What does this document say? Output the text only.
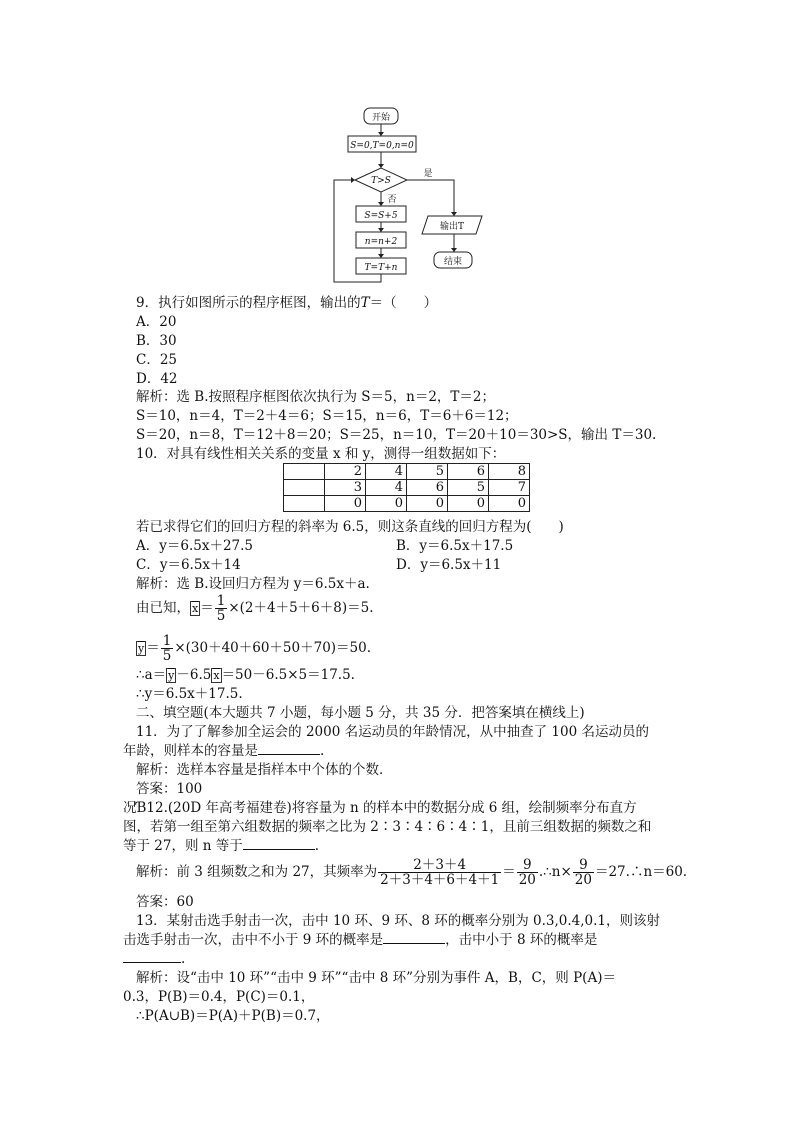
开始
S=0,T=0,n=0
T>S
是
否
S=S+5
n=n+2
T=T+n
输出T
结束
9．执行如图所示的程序框图，输出的𝑇＝（　　）
A．20
B．30
C．25
D．42
解析：选 B.按照程序框图依次执行为 S＝5，n＝2，T＝2；
S＝10，n＝4，T＝2＋4＝6；S＝15，n＝6，T＝6＋6＝12；
S＝20，n＝8，T＝12＋8＝20；S＝25，n＝10，T＝20＋10＝30>S，输出 T＝30.
10．对具有线性相关关系的变量 x 和 y，测得一组数据如下：
	2	4	5	6	8
	3	4	6	5	7
	0	0	0	0	0
若已求得它们的回归方程的斜率为 6.5，则这条直线的回归方程为(　　)
A．y＝6.5x＋27.5	B．y＝6.5x＋17.5
C．y＝6.5x＋14	D．y＝6.5x＋11
解析：选 B.设回归方程为 y＝6.5x＋a.
由已知， $\overline{x} = \frac{1}{5} \times(2+4+5+6+8)=5$.
$\overline{y} = \frac{1}{5} \times(30+40+60+50+70)=50$.
∴a＝ $\overline{y} -6.5$ $\overline{x} =50-6.5\times 5=17.5$.
∴y＝6.5x＋17.5.
二、填空题(本大题共 7 小题，每小题 5 分，共 35 分．把答案填在横线上)
11．为了了解参加全运会的 2000 名运动员的年龄情况，从中抽查了 100 名运动员的
年龄，则样本的容量是	.
解析：选样本容量是指样本中个体的个数．
答案：100
况Ɓ12.(20D 年高考福建卷)将容量为 n 的样本中的数据分成 6 组，绘制频率分布直方
图，若第一组至第六组数据的频率之比为 2∶3∶4∶6∶4∶1，且前三组数据的频数之和
等于 27，则 n 等于	.
解析：前 3 组频数之和为 27，其频率为 $\frac{2+3+4}{2+3+4+6+4+1} = \frac{9}{20}$ .∴n× $\frac{9}{20}$ ＝27.∴n＝60.
答案：60
13．某射击选手射击一次，击中 10 环、9 环、8 环的概率分别为 0.3,0.4,0.1，则该射
击选手射击一次，击中不小于 9 环的概率是	，击中小于 8 环的概率是
.
解析：设“击中 10 环”“击中 9 环”“击中 8 环”分别为事件 A，B，C，则 P(A)＝
0.3，P(B)＝0.4，P(C)＝0.1，
∴P(A∪B)＝P(A)＋P(B)＝0.7，
